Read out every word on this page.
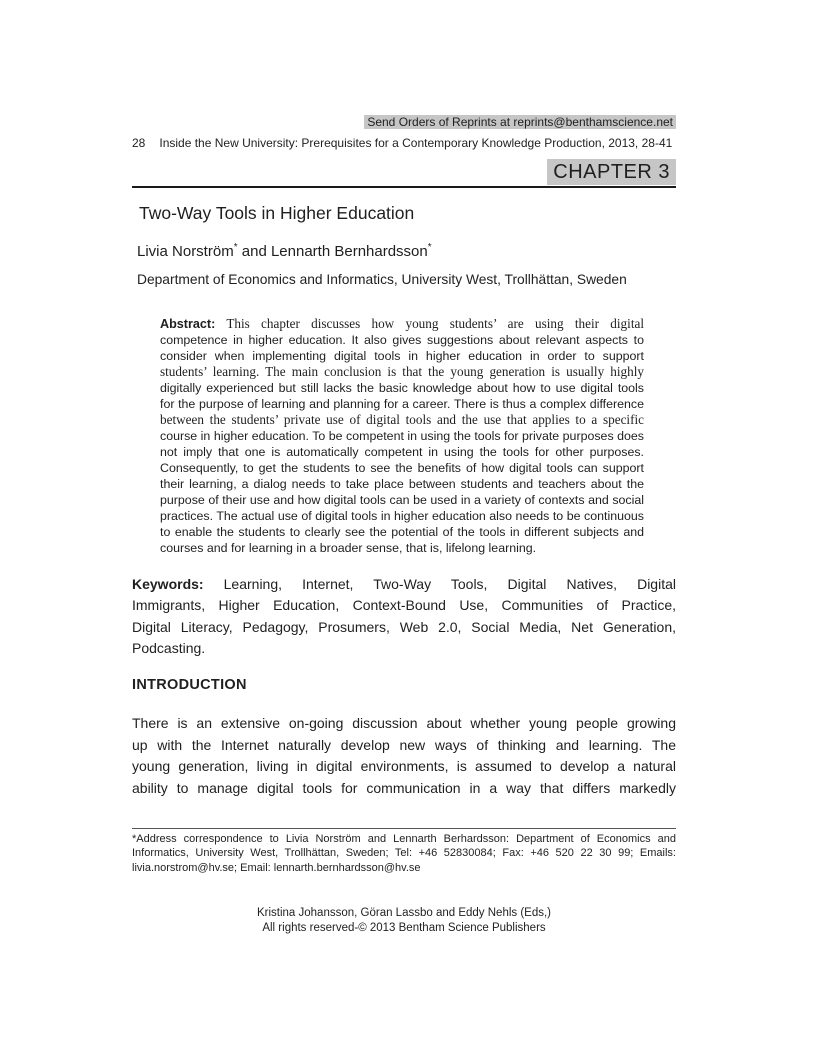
Send Orders of Reprints at reprints@benthamscience.net
28 Inside the New University: Prerequisites for a Contemporary Knowledge Production, 2013, 28-41
CHAPTER 3
Two-Way Tools in Higher Education
Livia Norström* and Lennarth Bernhardsson*
Department of Economics and Informatics, University West, Trollhättan, Sweden
Abstract: This chapter discusses how young students’ are using their digital
competence in higher education. It also gives suggestions about relevant aspects to
consider when implementing digital tools in higher education in order to support
students’ learning. The main conclusion is that the young generation is usually highly
digitally experienced but still lacks the basic knowledge about how to use digital tools
for the purpose of learning and planning for a career. There is thus a complex difference
between the students’ private use of digital tools and the use that applies to a specific
course in higher education. To be competent in using the tools for private purposes does
not imply that one is automatically competent in using the tools for other purposes.
Consequently, to get the students to see the benefits of how digital tools can support
their learning, a dialog needs to take place between students and teachers about the
purpose of their use and how digital tools can be used in a variety of contexts and social
practices. The actual use of digital tools in higher education also needs to be continuous
to enable the students to clearly see the potential of the tools in different subjects and
courses and for learning in a broader sense, that is, lifelong learning.
Keywords: Learning, Internet, Two-Way Tools, Digital Natives, Digital
Immigrants, Higher Education, Context-Bound Use, Communities of Practice,
Digital Literacy, Pedagogy, Prosumers, Web 2.0, Social Media, Net Generation,
Podcasting.
INTRODUCTION
There is an extensive on-going discussion about whether young people growing
up with the Internet naturally develop new ways of thinking and learning. The
young generation, living in digital environments, is assumed to develop a natural
ability to manage digital tools for communication in a way that differs markedly
*Address correspondence to Livia Norström and Lennarth Berhardsson: Department of Economics and
Informatics, University West, Trollhättan, Sweden; Tel: +46 52830084; Fax: +46 520 22 30 99; Emails:
livia.norstrom@hv.se; Email: lennarth.bernhardsson@hv.se
Kristina Johansson, Göran Lassbo and Eddy Nehls (Eds,)
All rights reserved-© 2013 Bentham Science Publishers
